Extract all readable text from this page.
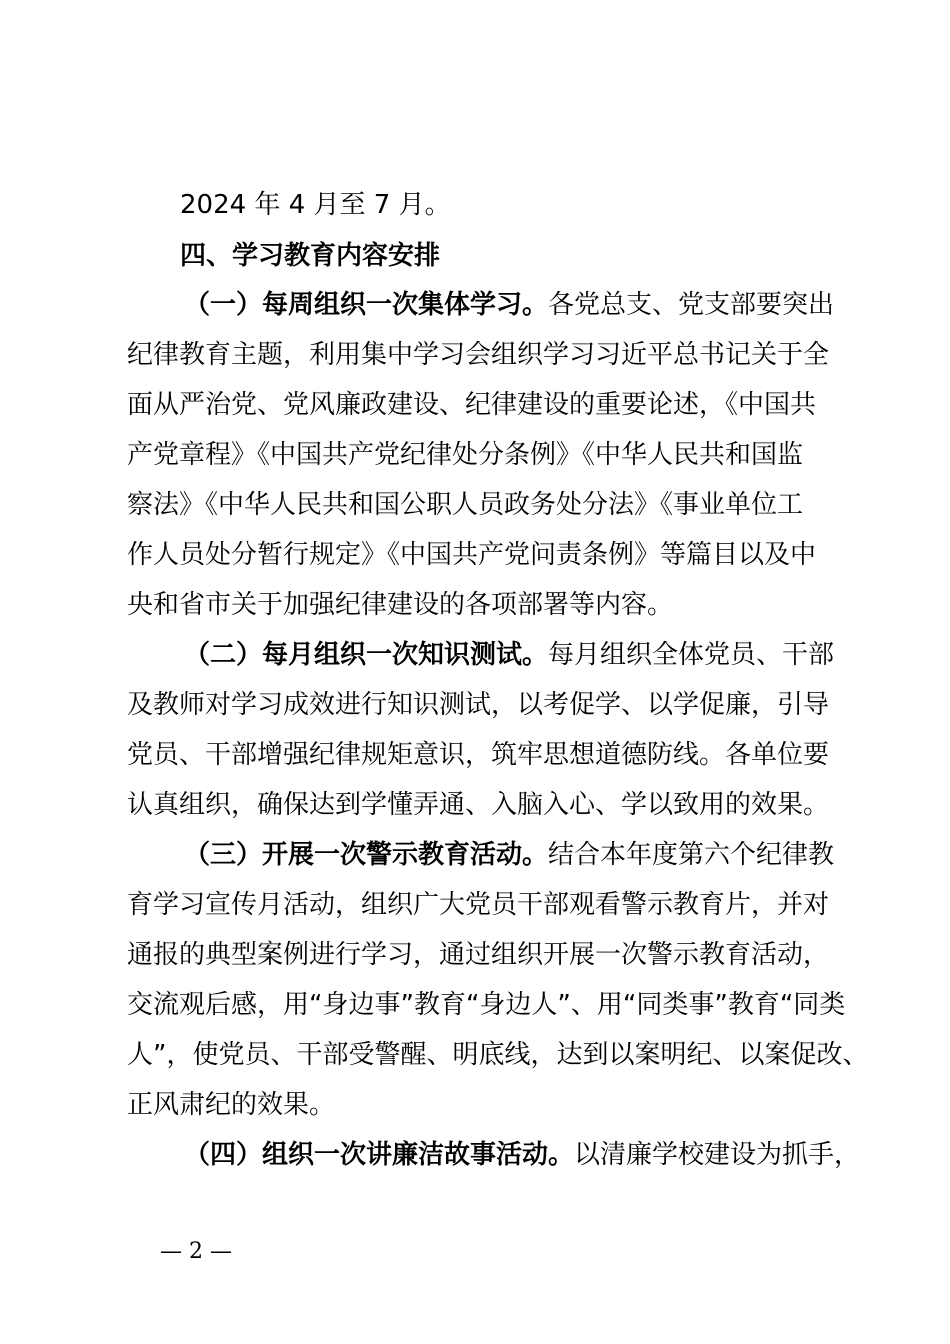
2024 年 4 月至 7 月。
四、学习教育内容安排
（一）每周组织一次集体学习。各党总支、党支部要突出
纪律教育主题，利用集中学习会组织学习习近平总书记关于全
面从严治党、党风廉政建设、纪律建设的重要论述，《中国共
产党章程》《中国共产党纪律处分条例》《中华人民共和国监
察法》《中华人民共和国公职人员政务处分法》《事业单位工
作人员处分暂行规定》《中国共产党问责条例》等篇目以及中
央和省市关于加强纪律建设的各项部署等内容。
（二）每月组织一次知识测试。每月组织全体党员、干部
及教师对学习成效进行知识测试，以考促学、以学促廉，引导
党员、干部增强纪律规矩意识，筑牢思想道德防线。各单位要
认真组织，确保达到学懂弄通、入脑入心、学以致用的效果。
（三）开展一次警示教育活动。结合本年度第六个纪律教
育学习宣传月活动，组织广大党员干部观看警示教育片，并对
通报的典型案例进行学习，通过组织开展一次警示教育活动，
交流观后感，用“身边事”教育“身边人”、用“同类事”教育“同类
人”，使党员、干部受警醒、明底线，达到以案明纪、以案促改、
正风肃纪的效果。
（四）组织一次讲廉洁故事活动。以清廉学校建设为抓手，
— 2 —
